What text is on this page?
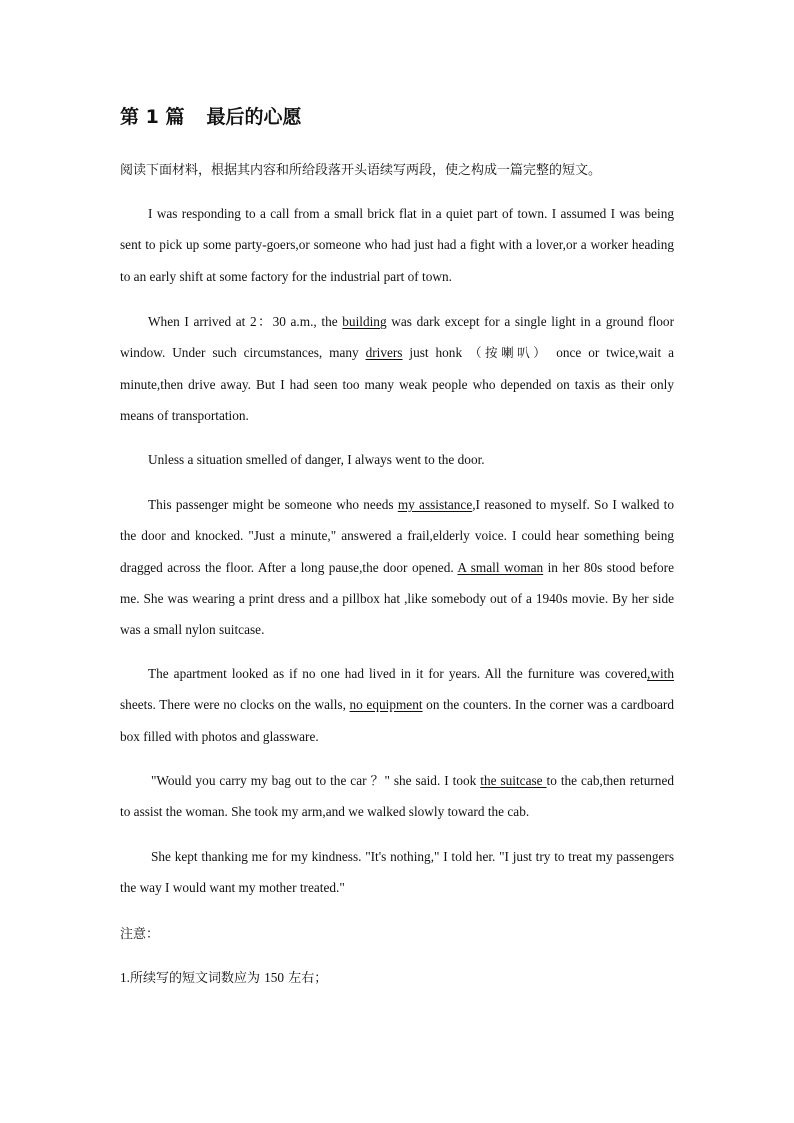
第 1 篇 最后的心愿

阅读下面材料，根据其内容和所给段落开头语续写两段，使之构成一篇完整的短文。

I was responding to a call from a small brick flat in a quiet part of town. I assumed I was being sent to pick up some party-goers,or someone who had just had a fight with a lover,or a worker heading to an early shift at some factory for the industrial part of town.

When I arrived at 2：30 a.m., the building was dark except for a single light in a ground floor window. Under such circumstances, many drivers just honk （按喇叭） once or twice,wait a minute,then drive away. But I had seen too many weak people who depended on taxis as their only means of transportation.

Unless a situation smelled of danger, I always went to the door.

This passenger might be someone who needs my assistance,I reasoned to myself. So I walked to the door and knocked. "Just a minute," answered a frail,elderly voice. I could hear something being dragged across the floor. After a long pause,the door opened. A small woman in her 80s stood before me. She was wearing a print dress and a pillbox hat ,like somebody out of a 1940s movie. By her side was a small nylon suitcase.

The apartment looked as if no one had lived in it for years. All the furniture was covered,with sheets. There were no clocks on the walls, no equipment on the counters. In the corner was a cardboard box filled with photos and glassware.

"Would you carry my bag out to the car ？" she said. I took the suitcase to the cab,then returned to assist the woman. She took my arm,and we walked slowly toward the cab.

She kept thanking me for my kindness. "It's nothing," I told her. "I just try to treat my passengers the way I would want my mother treated."

注意：

1.所续写的短文词数应为 150 左右；
